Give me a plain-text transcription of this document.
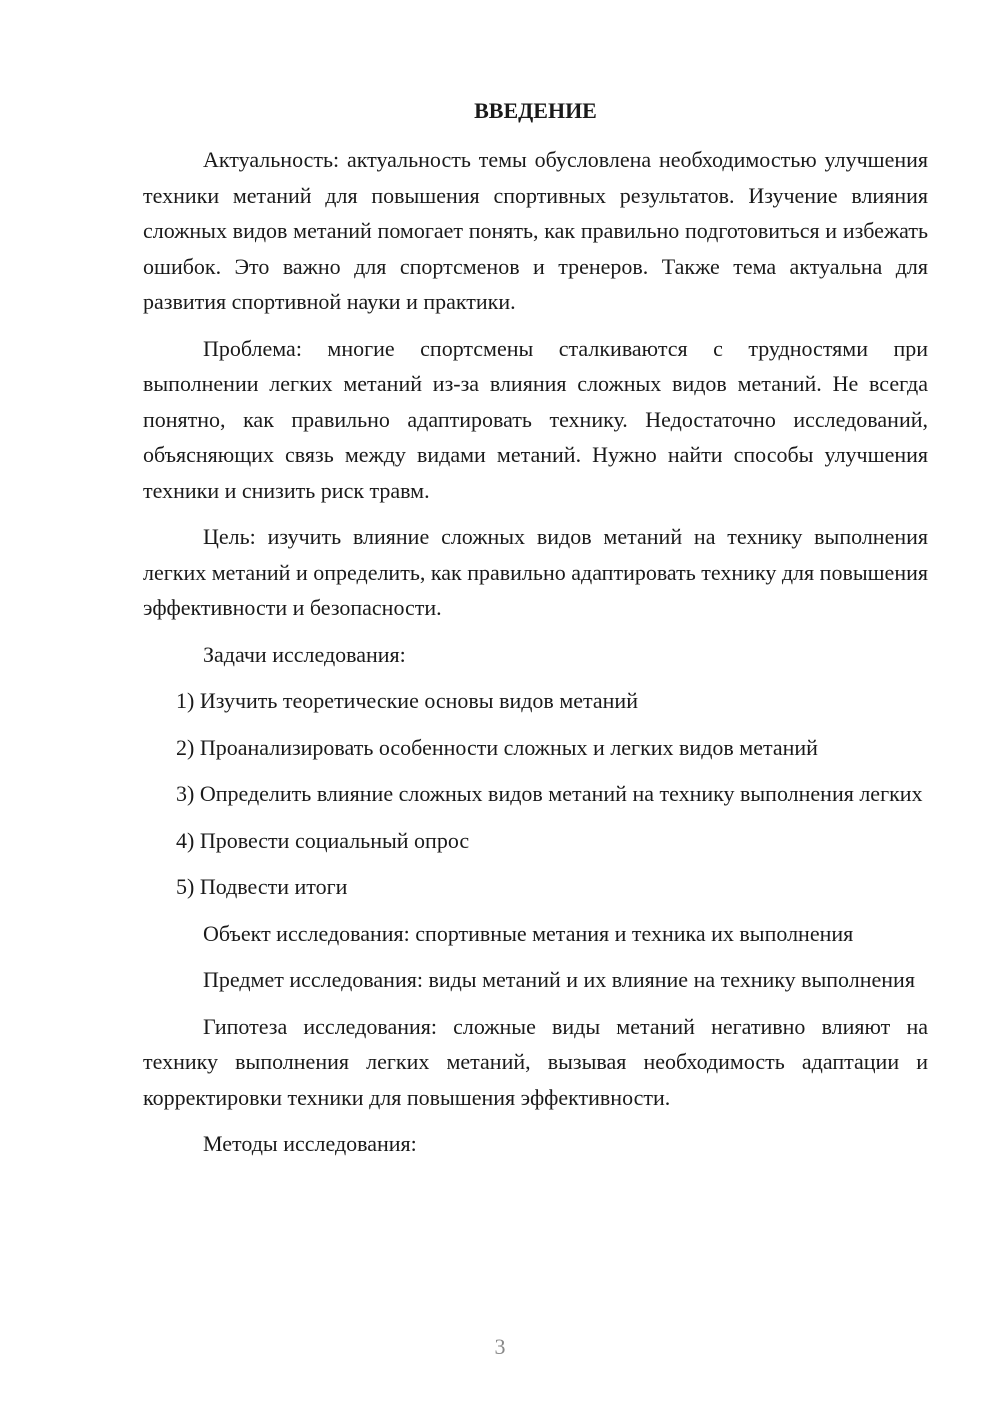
ВВЕДЕНИЕ

Актуальность: актуальность темы обусловлена необходимостью улучшения техники метаний для повышения спортивных результатов. Изучение влияния сложных видов метаний помогает понять, как правильно подготовиться и избежать ошибок. Это важно для спортсменов и тренеров. Также тема актуальна для развития спортивной науки и практики.

Проблема: многие спортсмены сталкиваются с трудностями при выполнении легких метаний из-за влияния сложных видов метаний. Не всегда понятно, как правильно адаптировать технику. Недостаточно исследований, объясняющих связь между видами метаний. Нужно найти способы улучшения техники и снизить риск травм.

Цель: изучить влияние сложных видов метаний на технику выполнения легких метаний и определить, как правильно адаптировать технику для повышения эффективности и безопасности.

Задачи исследования:

1) Изучить теоретические основы видов метаний

2) Проанализировать особенности сложных и легких видов метаний

3) Определить влияние сложных видов метаний на технику выполнения легких

4) Провести социальный опрос

5) Подвести итоги

Объект исследования: спортивные метания и техника их выполнения

Предмет исследования: виды метаний и их влияние на технику выполнения

Гипотеза исследования: сложные виды метаний негативно влияют на технику выполнения легких метаний, вызывая необходимость адаптации и корректировки техники для повышения эффективности.

Методы исследования:

3
